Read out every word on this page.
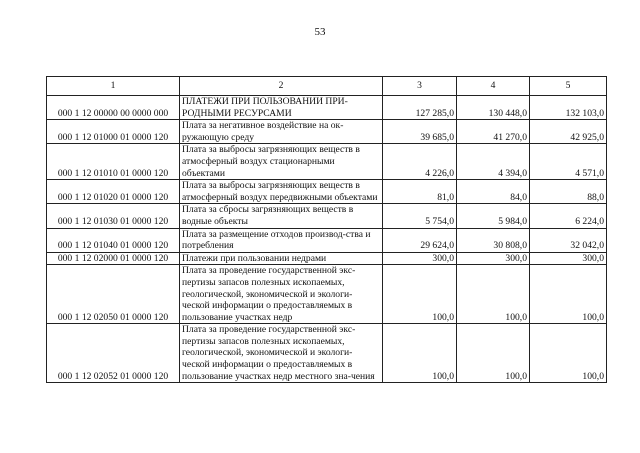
53
1	2	3	4	5
000 1 12 00000 00 0000 000	ПЛАТЕЖИ ПРИ ПОЛЬЗОВАНИИ ПРИ-РОДНЫМИ РЕСУРСАМИ	127 285,0	130 448,0	132 103,0
000 1 12 01000 01 0000 120	Плата за негативное воздействие на ок-ружающую среду	39 685,0	41 270,0	42 925,0
000 1 12 01010 01 0000 120	Плата за выбросы загрязняющих веществ в атмосферный воздух стационарными объектами	4 226,0	4 394,0	4 571,0
000 1 12 01020 01 0000 120	Плата за выбросы загрязняющих веществ в атмосферный воздух передвижными объектами	81,0	84,0	88,0
000 1 12 01030 01 0000 120	Плата за сбросы загрязняющих веществ в водные объекты	5 754,0	5 984,0	6 224,0
000 1 12 01040 01 0000 120	Плата за размещение отходов производ-ства и потребления	29 624,0	30 808,0	32 042,0
000 1 12 02000 01 0000 120	Платежи при пользовании недрами	300,0	300,0	300,0
000 1 12 02050 01 0000 120	Плата за проведение государственной экс-пертизы запасов полезных ископаемых, геологической, экономической и экологи-ческой информации о предоставляемых в пользование участках недр	100,0	100,0	100,0
000 1 12 02052 01 0000 120	Плата за проведение государственной экс-пертизы запасов полезных ископаемых, геологической, экономической и экологи-ческой информации о предоставляемых в пользование участках недр местного зна-чения	100,0	100,0	100,0
